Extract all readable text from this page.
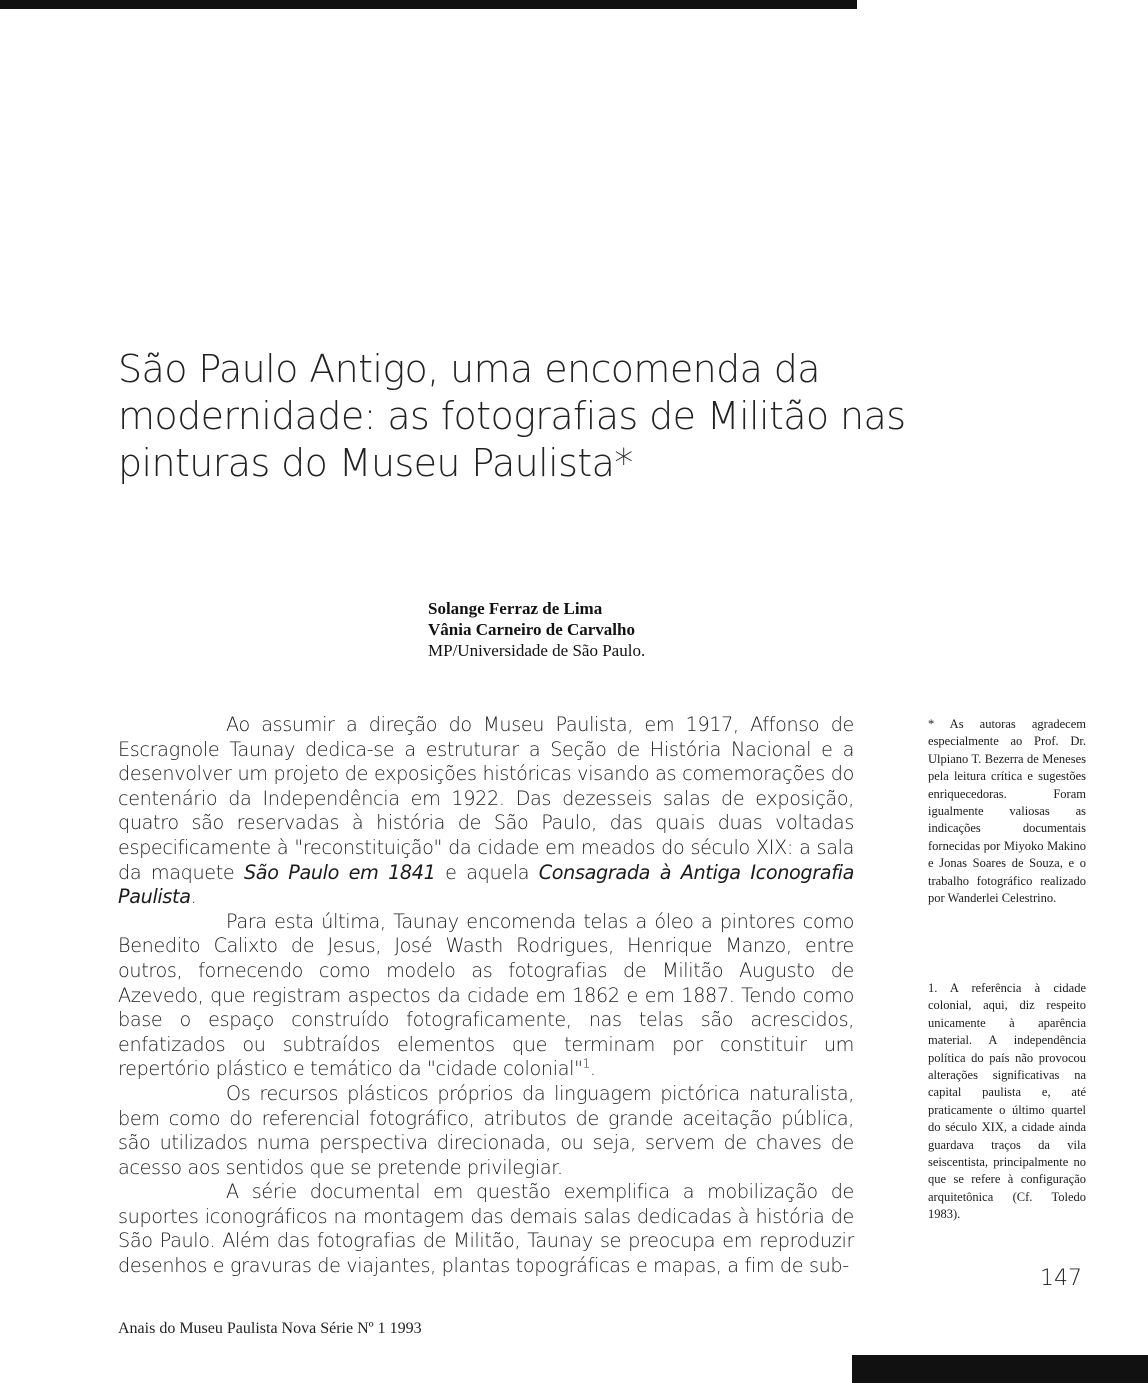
São Paulo Antigo, uma encomenda da
modernidade: as fotografias de Militão nas
pinturas do Museu Paulista*
Solange Ferraz de Lima
Vânia Carneiro de Carvalho
MP/Universidade de São Paulo.

Ao assumir a direção do Museu Paulista, em 1917, Affonso de Escragnole Taunay dedica-se a estruturar a Seção de História Nacional e a desenvolver um projeto de exposições históricas visando as comemorações do centenário da Independência em 1922. Das dezesseis salas de exposição, quatro são reservadas à história de São Paulo, das quais duas voltadas especificamente à "reconstituição" da cidade em meados do século XIX: a sala da maquete São Paulo em 1841 e aquela Consagrada à Antiga Iconografia Paulista.

Para esta última, Taunay encomenda telas a óleo a pintores como Benedito Calixto de Jesus, José Wasth Rodrigues, Henrique Manzo, entre outros, fornecendo como modelo as fotografias de Militão Augusto de Azevedo, que registram aspectos da cidade em 1862 e em 1887. Tendo como base o espaço construído fotograficamente, nas telas são acrescidos, enfatizados ou subtraídos elementos que terminam por constituir um repertório plástico e temático da "cidade colonial"$^1$.

Os recursos plásticos próprios da linguagem pictórica naturalista, bem como do referencial fotográfico, atributos de grande aceitação pública, são utilizados numa perspectiva direcionada, ou seja, servem de chaves de acesso aos sentidos que se pretende privilegiar.

A série documental em questão exemplifica a mobilização de suportes iconográficos na montagem das demais salas dedicadas à história de São Paulo. Além das fotografias de Militão, Taunay se preocupa em reproduzir desenhos e gravuras de viajantes, plantas topográficas e mapas, a fim de sub-

* As autoras agradecem especialmente ao Prof. Dr. Ulpiano T. Bezerra de Meneses pela leitura crítica e sugestões enriquecedoras. Foram igualmente valiosas as indicações documentais fornecidas por Miyoko Makino e Jonas Soares de Souza, e o trabalho fotográfico realizado por Wanderlei Celestrino.
1. A referência à cidade colonial, aqui, diz respeito unicamente à aparência material. A independência política do país não provocou alterações significativas na capital paulista e, até praticamente o último quartel do século XIX, a cidade ainda guardava traços da vila seiscentista, principalmente no que se refere à configuração arquitetônica (Cf. Toledo 1983).
147
Anais do Museu Paulista Nova Série Nº 1 1993
